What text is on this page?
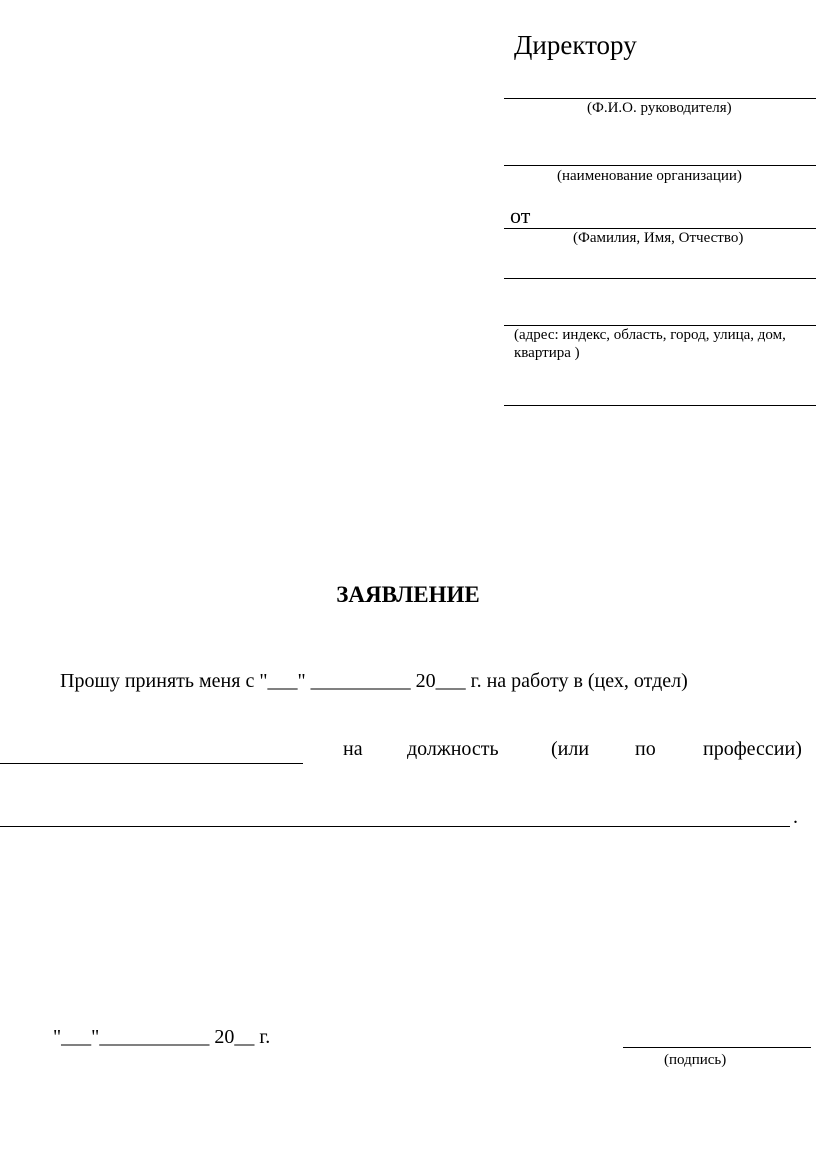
Директору
(Ф.И.О. руководителя)
(наименование организации)
от
(Фамилия, Имя, Отчество)
(адрес: индекс, область, город, улица, дом,
квартира )
ЗАЯВЛЕНИЕ
Прошу принять меня с "___" __________ 20___ г. на работу в (цех, отдел)
на должность	(или по профессии)
.
"___"___________ 20__ г.
(подпись)
